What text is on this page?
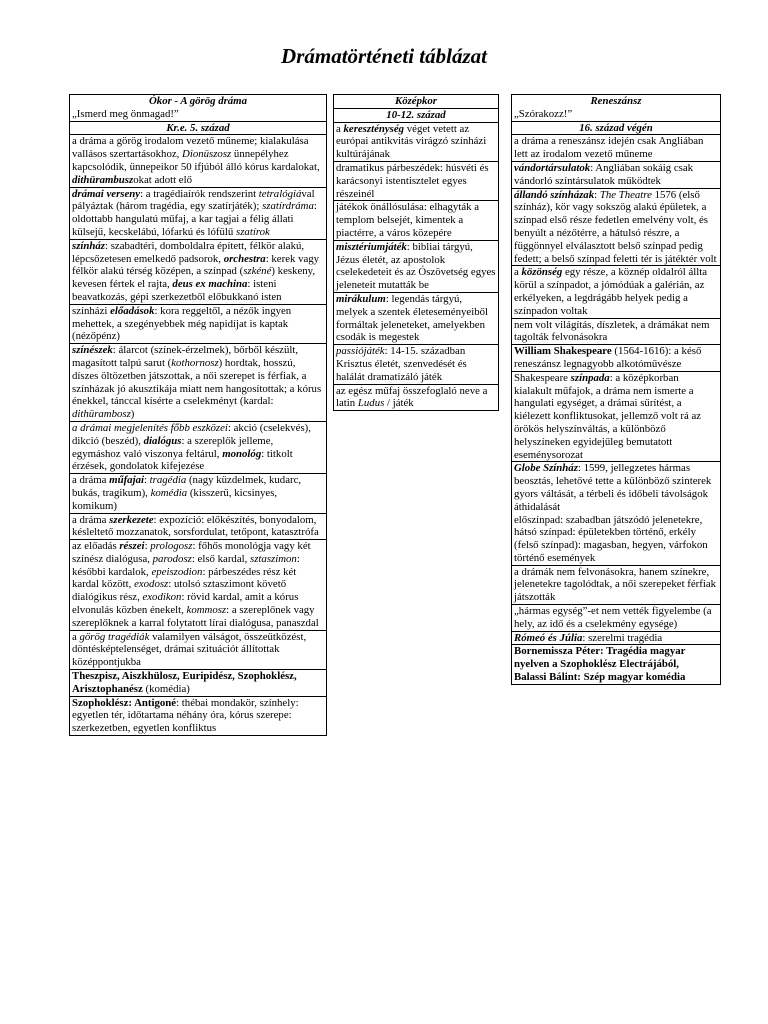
Drámatörténeti táblázat
Ókor - A görög dráma
„Ismerd meg önmagad!”

Kr.e. 5. század
a dráma a görög irodalom vezető műneme; kialakulása vallásos szertartásokhoz, Dionüszosz ünnepélyhez kapcsolódik, ünnepeikor 50 ifjúból álló kórus kardalokat, dithürambuszokat adott elő
drámai verseny: a tragédiaírók rendszerint tetralógiával pályáztak (három tragédia, egy szatírjáték); szatírdráma: oldottabb hangulatú műfaj, a kar tagjai a félig állati külsejű, kecskelábú, lófarkú és lófülű szatírok
színház: szabadtéri, domboldalra épített, félkör alakú, lépcsőzetesen emelkedő padsorok, orchestra: kerek vagy félkör alakú térség középen, a színpad (szkéné) keskeny, kevesen fértek el rajta, deus ex machina: isteni beavatkozás, gépi szerkezetből előbukkanó isten
színházi előadások: kora reggeltől, a nézők ingyen mehettek, a szegényebbek még napidíjat is kaptak (nézőpénz)
színészek: álarcot (színek-érzelmek), bőrből készült, magasított talpú sarut (kothornosz) hordtak, hosszú, díszes öltözetben játszottak, a női szerepet is férfiak, a színházak jó akusztikája miatt nem hangosítottak; a kórus énekkel, tánccal kísérte a cselekményt (kardal: dithürambosz)
a drámai megjelenítés főbb eszközei: akció (cselekvés), dikció (beszéd), dialógus: a szereplők jelleme, egymáshoz való viszonya feltárul, monológ: titkolt érzések, gondolatok kifejezése
a dráma műfajai: tragédia (nagy küzdelmek, kudarc, bukás, tragikum), komédia (kisszerű, kicsinyes, komikum)
a dráma szerkezete: expozíció: előkészítés, bonyodalom, késleltető mozzanatok, sorsfordulat, tetőpont, katasztrófa
az előadás részei: prologosz: főhős monológja vagy két színész dialógusa, parodosz: első kardal, sztaszimon: későbbi kardalok, epeiszodion: párbeszédes rész két kardal között, exodosz: utolsó sztaszimont követő dialógikus rész, exodikon: rövid kardal, amit a kórus elvonulás közben énekelt, kommosz: a szereplőnek vagy szereplőknek a karral folytatott lírai dialógusa, panaszdal
a görög tragédiák valamilyen válságot, összeütközést, döntésképtelenséget, drámai szituációt állítottak középpontjukba
Theszpisz, Aiszkhülosz, Euripidész, Szophoklész, Arisztophanész (komédia)
Szophoklész: Antigoné: thébai mondakör, színhely: egyetlen tér, időtartama néhány óra, kórus szerepe: szerkezetben, egyetlen konfliktus
Középkor

10-12. század
a kereszténység véget vetett az európai antikvitás virágzó színházi kultúrájának
dramatikus párbeszédek: húsvéti és karácsonyi istentisztelet egyes részeinél
játékok önállósulása: elhagyták a templom belsejét, kimentek a piactérre, a város közepére
misztériumjáték: bibliai tárgyú, Jézus életét, az apostolok cselekedeteit és az Ószövetség egyes jeleneteit mutatták be
mirákulum: legendás tárgyú, melyek a szentek életeseményeiből formáltak jeleneteket, amelyekben csodák is megestek
passiójáték: 14-15. században Krisztus életét, szenvedését és halálát dramatizáló játék
az egész műfaj összefoglaló neve a latin Ludus / játék
Reneszánsz
„Szórakozz!”

16. század végén
a dráma a reneszánsz idején csak Angliában lett az irodalom vezető műneme
vándortársulatok: Angliában sokáig csak vándorló színtársulatok működtek
állandó színházak: The Theatre 1576 (első színház), kör vagy sokszög alakú épületek, a színpad első része fedetlen emelvény volt, és benyúlt a nézőtérre, a hátulsó részre, a függönnyel elválasztott belső színpad pedig fedett; a belső színpad feletti tér is játéktér volt
a közönség egy része, a köznép oldalról állta körül a színpadot, a jómódúak a galérián, az erkélyeken, a legdrágább helyek pedig a színpadon voltak
nem volt világítás, díszletek, a drámákat nem tagolták felvonásokra
William Shakespeare (1564-1616): a késő reneszánsz legnagyobb alkotóművésze
Shakespeare színpada: a középkorban kialakult műfajok, a dráma nem ismerte a hangulati egységet, a drámai sűrítést, a kiélezett konfliktusokat, jellemző volt rá az örökös helyszínváltás, a különböző helyszíneken egyidejűleg bemutatott eseménysorozat
Globe Színház: 1599, jellegzetes hármas beosztás, lehetővé tette a különböző szinterek gyors váltását, a térbeli és időbeli távolságok áthidalását
előszínpad: szabadban játszódó jelenetekre, hátsó színpad: épületekben történő, erkély (felső színpad): magasban, hegyen, várfokon történő események
a drámák nem felvonásokra, hanem színekre, jelenetekre tagolódtak, a női szerepeket férfiak játszották
„hármas egység”-et nem vették figyelembe (a hely, az idő és a cselekmény egysége)
Rómeó és Júlia: szerelmi tragédia
Bornemissza Péter: Tragédia magyar nyelven a Szophoklész Electrájából,
Balassi Bálint: Szép magyar komédia
